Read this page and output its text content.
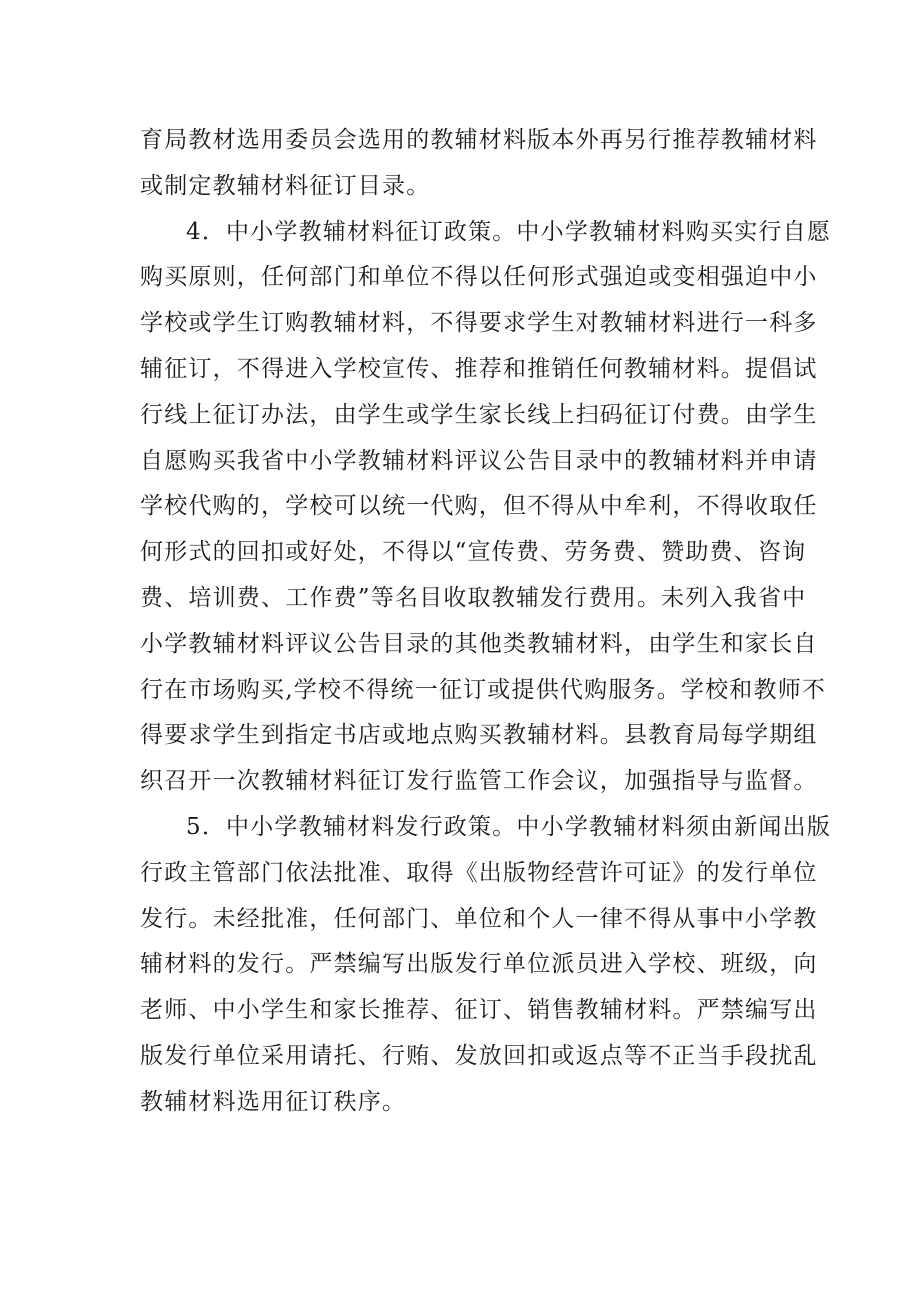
育局教材选用委员会选用的教辅材料版本外再另行推荐教辅材料
或制定教辅材料征订目录。
4．中小学教辅材料征订政策。中小学教辅材料购买实行自愿
购买原则，任何部门和单位不得以任何形式强迫或变相强迫中小
学校或学生订购教辅材料，不得要求学生对教辅材料进行一科多
辅征订，不得进入学校宣传、推荐和推销任何教辅材料。提倡试
行线上征订办法，由学生或学生家长线上扫码征订付费。由学生
自愿购买我省中小学教辅材料评议公告目录中的教辅材料并申请
学校代购的，学校可以统一代购，但不得从中牟利，不得收取任
何形式的回扣或好处，不得以“宣传费、劳务费、赞助费、咨询
费、培训费、工作费”等名目收取教辅发行费用。未列入我省中
小学教辅材料评议公告目录的其他类教辅材料，由学生和家长自
行在市场购买,学校不得统一征订或提供代购服务。学校和教师不
得要求学生到指定书店或地点购买教辅材料。县教育局每学期组
织召开一次教辅材料征订发行监管工作会议，加强指导与监督。
5．中小学教辅材料发行政策。中小学教辅材料须由新闻出版
行政主管部门依法批准、取得《出版物经营许可证》的发行单位
发行。未经批准，任何部门、单位和个人一律不得从事中小学教
辅材料的发行。严禁编写出版发行单位派员进入学校、班级，向
老师、中小学生和家长推荐、征订、销售教辅材料。严禁编写出
版发行单位采用请托、行贿、发放回扣或返点等不正当手段扰乱
教辅材料选用征订秩序。
